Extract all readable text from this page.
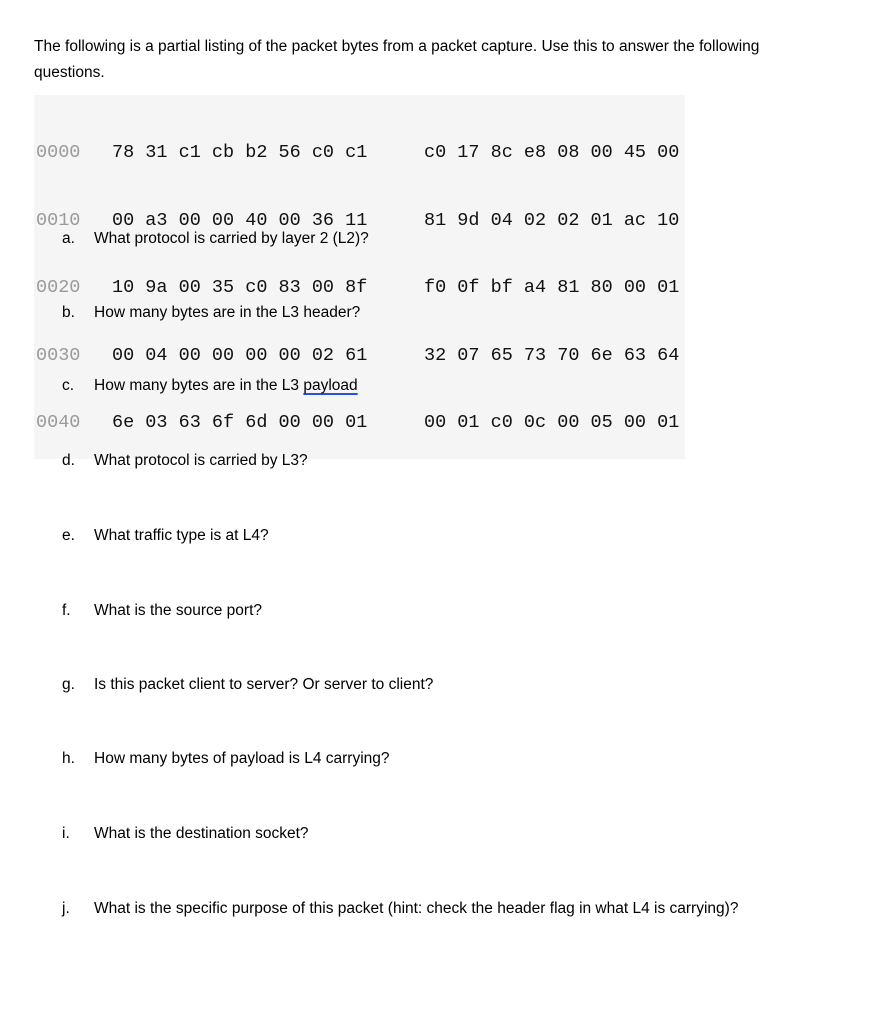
The following is a partial listing of the packet bytes from a packet capture. Use this to answer the following questions.

0000	78 31 c1 cb b2 56 c0 c1	c0 17 8c e8 08 00 45 00

0010	00 a3 00 00 40 00 36 11	81 9d 04 02 02 01 ac 10

0020	10 9a 00 35 c0 83 00 8f	f0 0f bf a4 81 80 00 01

0030	00 04 00 00 00 00 02 61	32 07 65 73 70 6e 63 64

0040	6e 03 63 6f 6d 00 00 01	00 01 c0 0c 00 05 00 01

a.	What protocol is carried by layer 2 (L2)?
b.	How many bytes are in the L3 header?
c.	How many bytes are in the L3 payload
d.	What protocol is carried by L3?
e.	What traffic type is at L4?
f.	What is the source port?
g.	Is this packet client to server? Or server to client?
h.	How many bytes of payload is L4 carrying?
i.	What is the destination socket?
j.	What is the specific purpose of this packet (hint: check the header flag in what L4 is carrying)?
